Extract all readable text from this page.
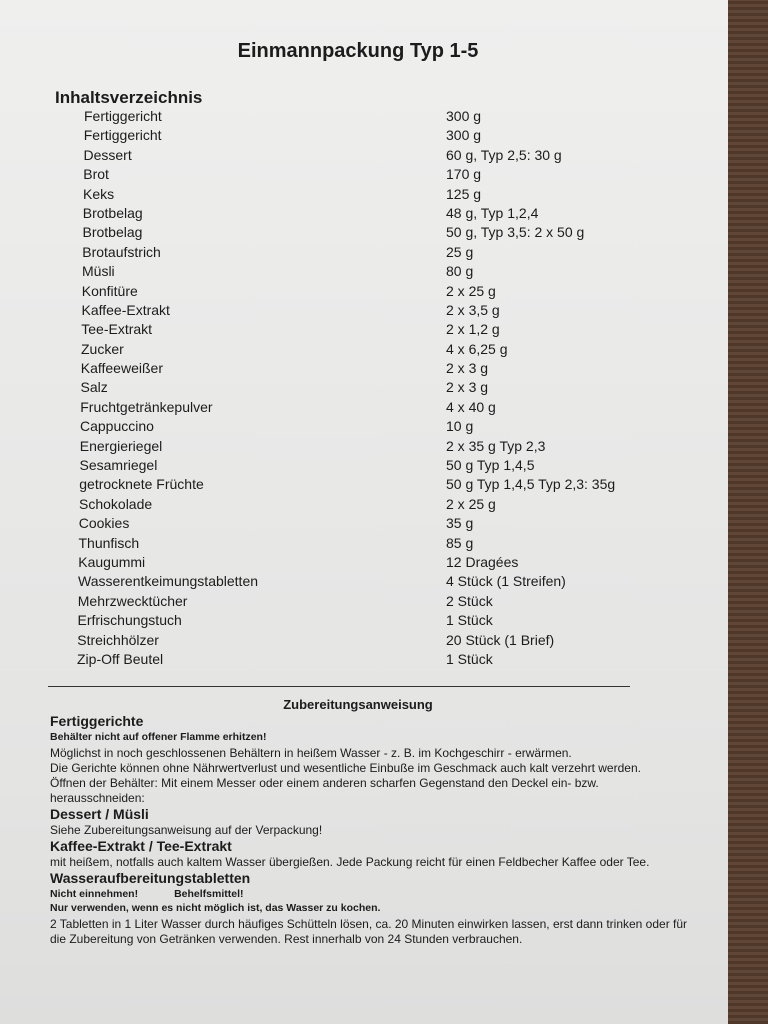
Einmannpackung Typ 1-5
Inhaltsverzeichnis
Fertiggericht	300 g
Fertiggericht	300 g
Dessert	60 g, Typ 2,5: 30 g
Brot	170 g
Keks	125 g
Brotbelag	48 g, Typ 1,2,4
Brotbelag	50 g, Typ 3,5: 2 x 50 g
Brotaufstrich	25 g
Müsli	80 g
Konfitüre	2 x 25 g
Kaffee-Extrakt	2 x 3,5 g
Tee-Extrakt	2 x 1,2 g
Zucker	4 x 6,25 g
Kaffeeweißer	2 x 3 g
Salz	2 x 3 g
Fruchtgetränkepulver	4 x 40 g
Cappuccino	10 g
Energieriegel	2 x 35 g Typ 2,3
Sesamriegel	50 g Typ 1,4,5
getrocknete Früchte	50 g Typ 1,4,5 Typ 2,3: 35g
Schokolade	2 x 25 g
Cookies	35 g
Thunfisch	85 g
Kaugummi	12 Dragées
Wasserentkeimungstabletten	4 Stück (1 Streifen)
Mehrzwecktücher	2 Stück
Erfrischungstuch	1 Stück
Streichhölzer	20 Stück (1 Brief)
Zip-Off Beutel	1 Stück
Zubereitungsanweisung
Fertiggerichte
Behälter nicht auf offener Flamme erhitzen!
Möglichst in noch geschlossenen Behältern in heißem Wasser - z. B. im Kochgeschirr - erwärmen.
Die Gerichte können ohne Nährwertverlust und wesentliche Einbuße im Geschmack auch kalt verzehrt werden.
Öffnen der Behälter: Mit einem Messer oder einem anderen scharfen Gegenstand den Deckel ein- bzw. herausschneiden:
Dessert / Müsli
Siehe Zubereitungsanweisung auf der Verpackung!
Kaffee-Extrakt / Tee-Extrakt
mit heißem, notfalls auch kaltem Wasser übergießen. Jede Packung reicht für einen Feldbecher Kaffee oder Tee.
Wasseraufbereitungstabletten
Nicht einnehmen!	Behelfsmittel!
Nur verwenden, wenn es nicht möglich ist, das Wasser zu kochen.
2 Tabletten in 1 Liter Wasser durch häufiges Schütteln lösen, ca. 20 Minuten einwirken lassen, erst dann trinken oder für die Zubereitung von Getränken verwenden. Rest innerhalb von 24 Stunden verbrauchen.
